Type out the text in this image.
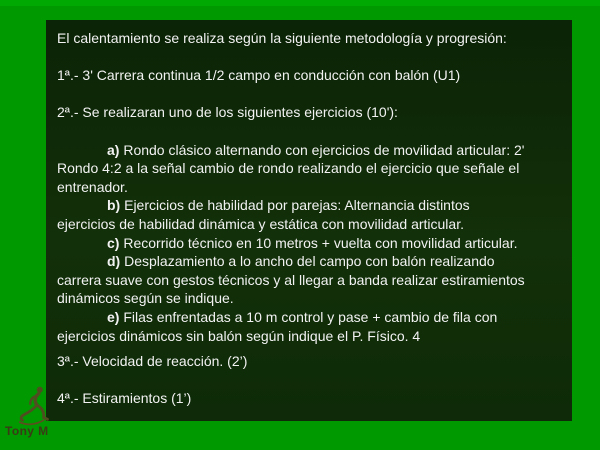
El calentamiento se realiza según la siguiente metodología y progresión:

1ª.- 3' Carrera continua 1/2 campo en conducción con balón (U1)

2ª.- Se realizaran uno de los siguientes ejercicios (10'):

a) Rondo clásico alternando con ejercicios de movilidad articular: 2'
Rondo 4:2 a la señal cambio de rondo realizando el ejercicio que señale el
entrenador.
b) Ejercicios de habilidad por parejas: Alternancia distintos
ejercicios de habilidad dinámica y estática con movilidad articular.
c) Recorrido técnico en 10 metros + vuelta con movilidad articular.
d) Desplazamiento a lo ancho del campo con balón realizando
carrera suave con gestos técnicos y al llegar a banda realizar estiramientos
dinámicos según se indique.
e) Filas enfrentadas a 10 m control y pase + cambio de fila con
ejercicios dinámicos sin balón según indique el P. Físico. 4

3ª.- Velocidad de reacción. (2’)

4ª.- Estiramientos (1’)
Tony M
